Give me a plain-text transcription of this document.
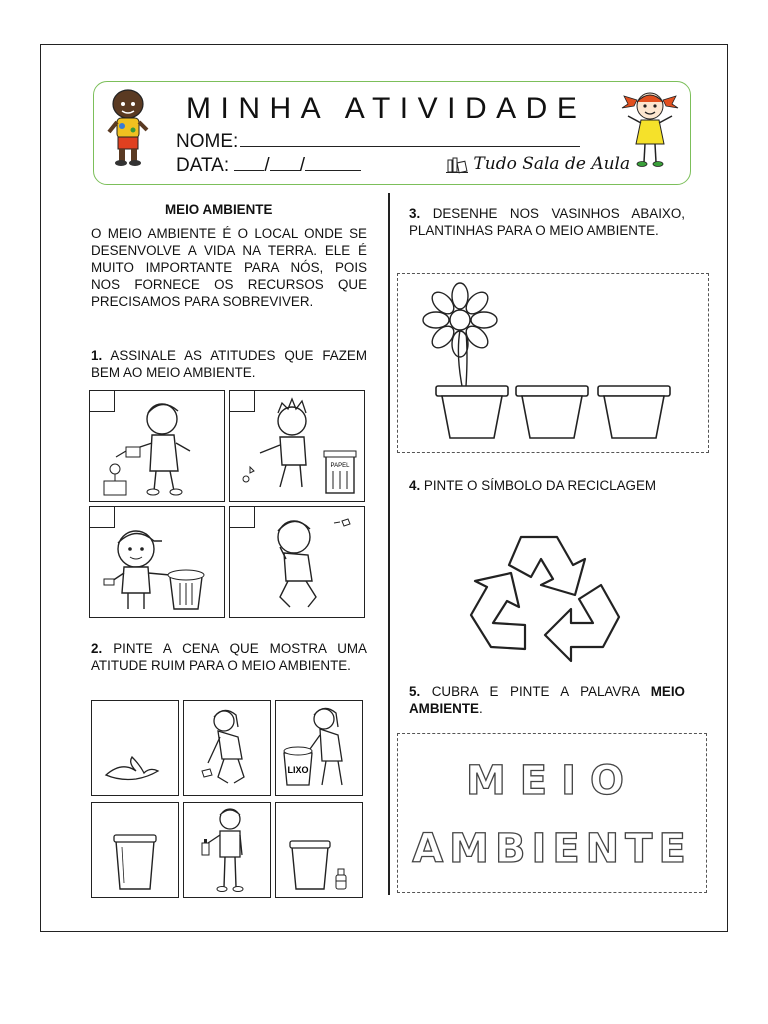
MINHA ATIVIDADE
NOME:
DATA: / /	Tudo Sala de Aula
MEIO AMBIENTE
O MEIO AMBIENTE É O LOCAL ONDE SE DESENVOLVE A VIDA NA TERRA. ELE É MUITO IMPORTANTE PARA NÓS, POIS NOS FORNECE OS RECURSOS QUE PRECISAMOS PARA SOBREVIVER.
1. ASSINALE AS ATITUDES QUE FAZEM BEM AO MEIO AMBIENTE.
PAPEL
2. PINTE A CENA QUE MOSTRA UMA ATITUDE RUIM PARA O MEIO AMBIENTE.
LIXO
3. DESENHE NOS VASINHOS ABAIXO, PLANTINHAS PARA O MEIO AMBIENTE.
4. PINTE O SÍMBOLO DA RECICLAGEM
5. CUBRA E PINTE A PALAVRA MEIO AMBIENTE.
MEIO
AMBIENTE
